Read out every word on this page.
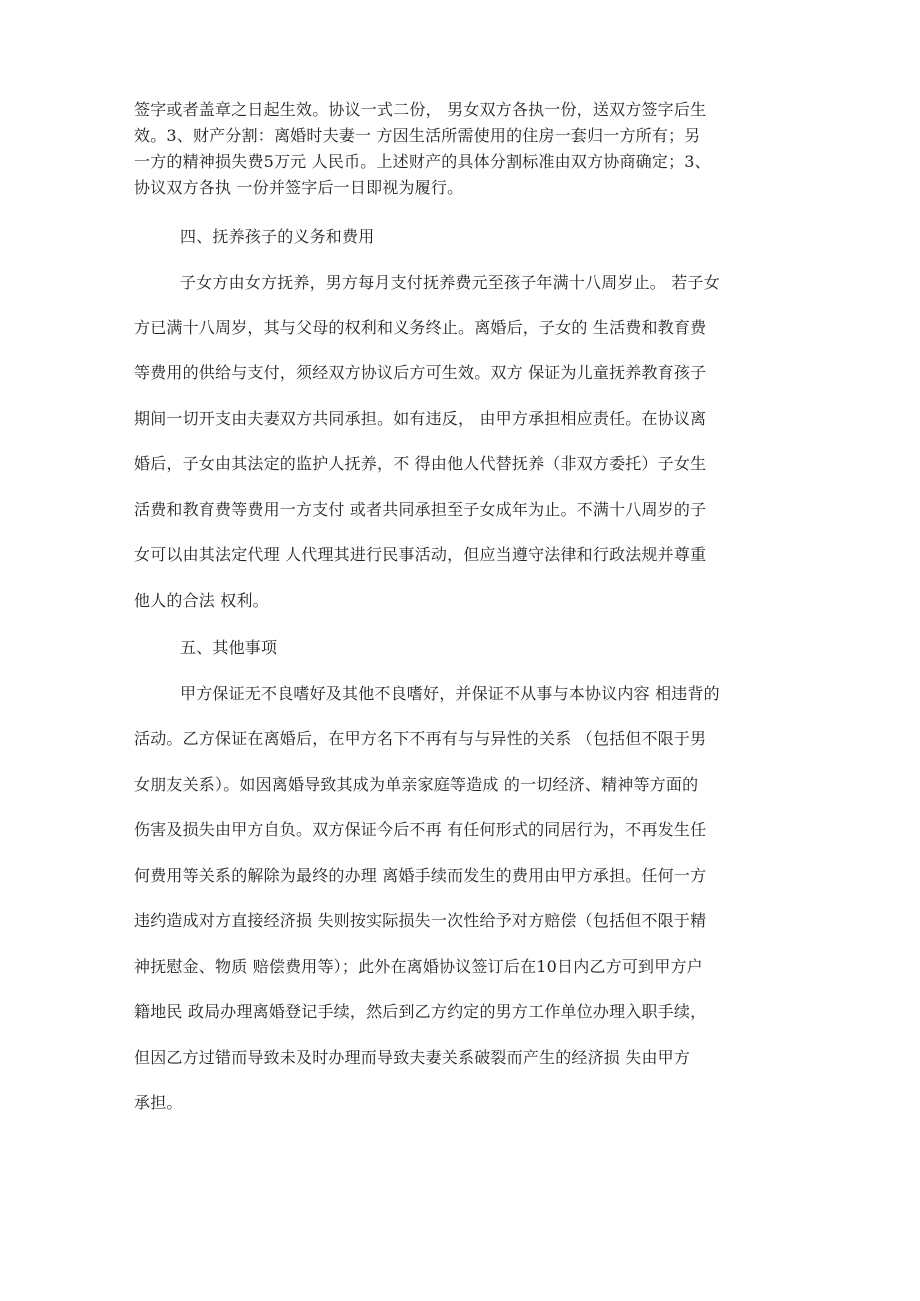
签字或者盖章之日起生效。协议一式二份， 男女双方各执一份，送双方签字后生
效。3、财产分割：离婚时夫妻一 方因生活所需使用的住房一套归一方所有；另
一方的精神损失费5万元 人民币。上述财产的具体分割标准由双方协商确定；3、
协议双方各执 一份并签字后一日即视为履行。
四、抚养孩子的义务和费用
子女方由女方抚养，男方每月支付抚养费元至孩子年满十八周岁止。 若子女
方已满十八周岁，其与父母的权利和义务终止。离婚后，子女的 生活费和教育费
等费用的供给与支付，须经双方协议后方可生效。双方 保证为儿童抚养教育孩子
期间一切开支由夫妻双方共同承担。如有违反， 由甲方承担相应责任。在协议离
婚后，子女由其法定的监护人抚养，不 得由他人代替抚养（非双方委托）子女生
活费和教育费等费用一方支付 或者共同承担至子女成年为止。不满十八周岁的子
女可以由其法定代理 人代理其进行民事活动，但应当遵守法律和行政法规并尊重
他人的合法 权利。
五、其他事项
甲方保证无不良嗜好及其他不良嗜好，并保证不从事与本协议内容 相违背的
活动。乙方保证在离婚后，在甲方名下不再有与与异性的关系 （包括但不限于男
女朋友关系）。如因离婚导致其成为单亲家庭等造成 的一切经济、精神等方面的
伤害及损失由甲方自负。双方保证今后不再 有任何形式的同居行为，不再发生任
何费用等关系的解除为最终的办理 离婚手续而发生的费用由甲方承担。任何一方
违约造成对方直接经济损 失则按实际损失一次性给予对方赔偿（包括但不限于精
神抚慰金、物质 赔偿费用等）；此外在离婚协议签订后在10日内乙方可到甲方户
籍地民 政局办理离婚登记手续，然后到乙方约定的男方工作单位办理入职手续，
但因乙方过错而导致未及时办理而导致夫妻关系破裂而产生的经济损 失由甲方
承担。
